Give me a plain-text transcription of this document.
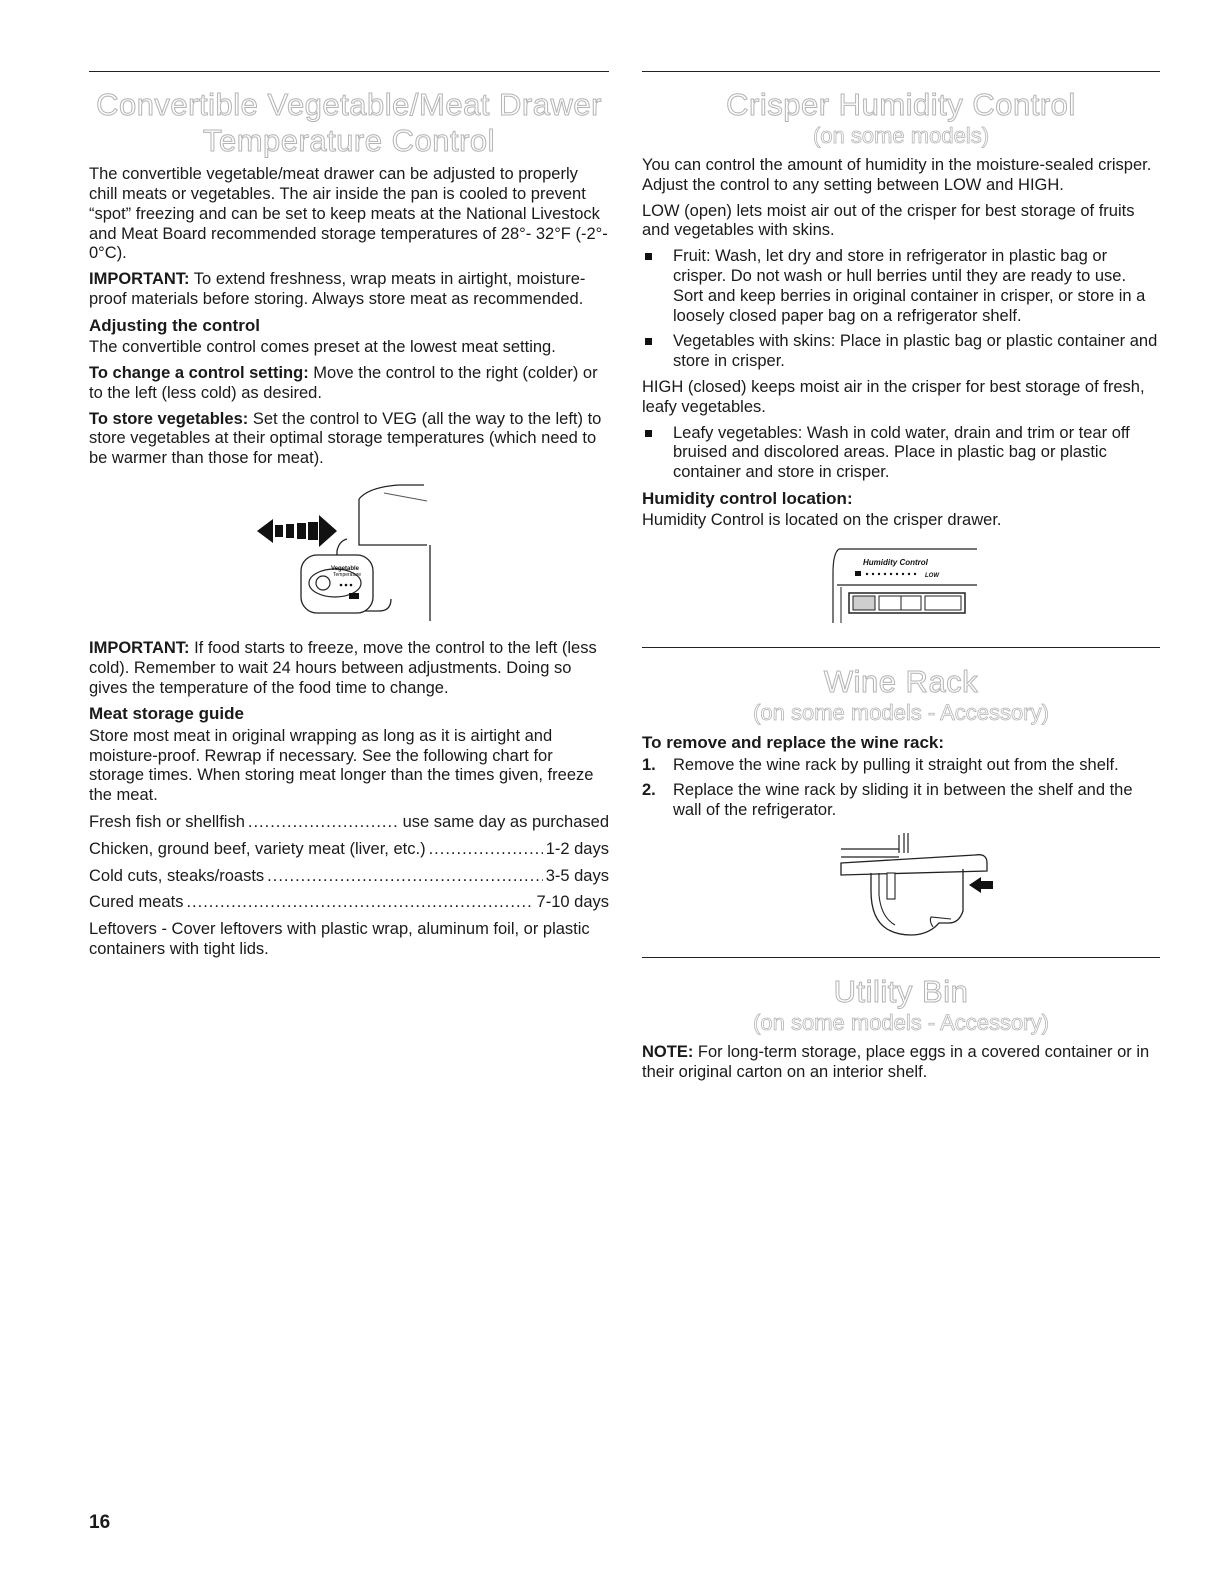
Convertible Vegetable/Meat Drawer
Temperature Control

The convertible vegetable/meat drawer can be adjusted to properly chill meats or vegetables. The air inside the pan is cooled to prevent “spot” freezing and can be set to keep meats at the National Livestock and Meat Board recommended storage temperatures of 28°- 32°F (-2°- 0°C).

IMPORTANT: To extend freshness, wrap meats in airtight, moisture-proof materials before storing. Always store meat as recommended.

Adjusting the control

The convertible control comes preset at the lowest meat setting.

To change a control setting: Move the control to the right (colder) or to the left (less cold) as desired.

To store vegetables: Set the control to VEG (all the way to the left) to store vegetables at their optimal storage temperatures (which need to be warmer than those for meat).

Vegetable
Temperature

IMPORTANT: If food starts to freeze, move the control to the left (less cold). Remember to wait 24 hours between adjustments. Doing so gives the temperature of the food time to change.

Meat storage guide

Store most meat in original wrapping as long as it is airtight and moisture-proof. Rewrap if necessary. See the following chart for storage times. When storing meat longer than the times given, freeze the meat.

Fresh fish or shellfish .....	use same day as purchased
Chicken, ground beef, variety meat (liver, etc.) .....	1-2 days
Cold cuts, steaks/roasts .....	3-5 days
Cured meats .....	7-10 days

Leftovers - Cover leftovers with plastic wrap, aluminum foil, or plastic containers with tight lids.

Crisper Humidity Control
(on some models)

You can control the amount of humidity in the moisture-sealed crisper. Adjust the control to any setting between LOW and HIGH.

LOW (open) lets moist air out of the crisper for best storage of fruits and vegetables with skins.

Fruit: Wash, let dry and store in refrigerator in plastic bag or crisper. Do not wash or hull berries until they are ready to use. Sort and keep berries in original container in crisper, or store in a loosely closed paper bag on a refrigerator shelf.
Vegetables with skins: Place in plastic bag or plastic container and store in crisper.

HIGH (closed) keeps moist air in the crisper for best storage of fresh, leafy vegetables.

Leafy vegetables: Wash in cold water, drain and trim or tear off bruised and discolored areas. Place in plastic bag or plastic container and store in crisper.
Humidity control location:

Humidity Control is located on the crisper drawer.

Humidity Control
LOW
Wine Rack
(on some models - Accessory)
To remove and replace the wine rack:
1. Remove the wine rack by pulling it straight out from the shelf.
2. Replace the wine rack by sliding it in between the shelf and the wall of the refrigerator.
Utility Bin
(on some models - Accessory)

NOTE: For long-term storage, place eggs in a covered container or in their original carton on an interior shelf.

16
